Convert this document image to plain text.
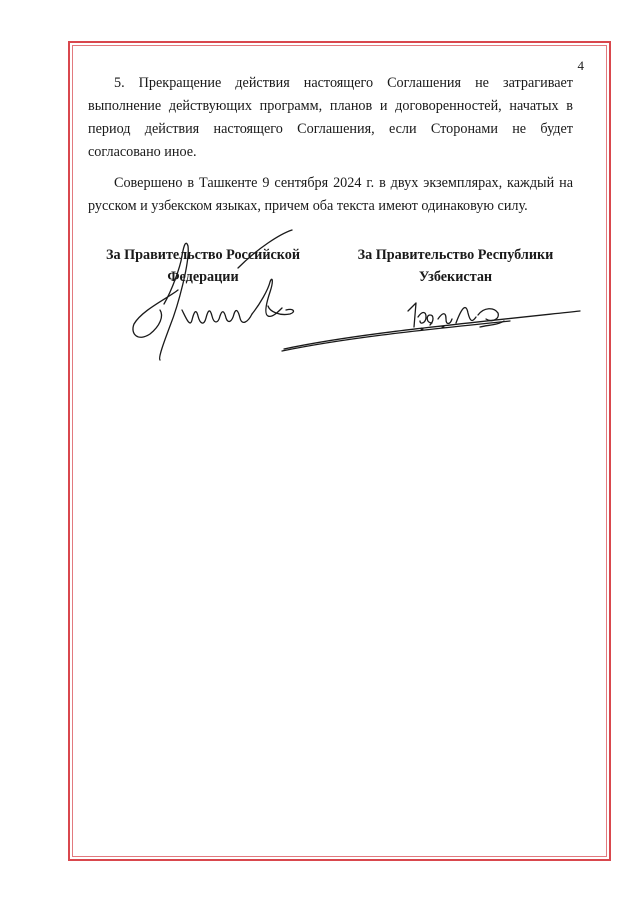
4

5. Прекращение действия настоящего Соглашения не затрагивает выполнение действующих программ, планов и договоренностей, начатых в период действия настоящего Соглашения, если Сторонами не будет согласовано иное.

Совершено в Ташкенте 9 сентября 2024 г. в двух экземплярах, каждый на русском и узбекском языках, причем оба текста имеют одинаковую силу.

За Правительство Российской
Федерации
За Правительство Республики
Узбекистан
